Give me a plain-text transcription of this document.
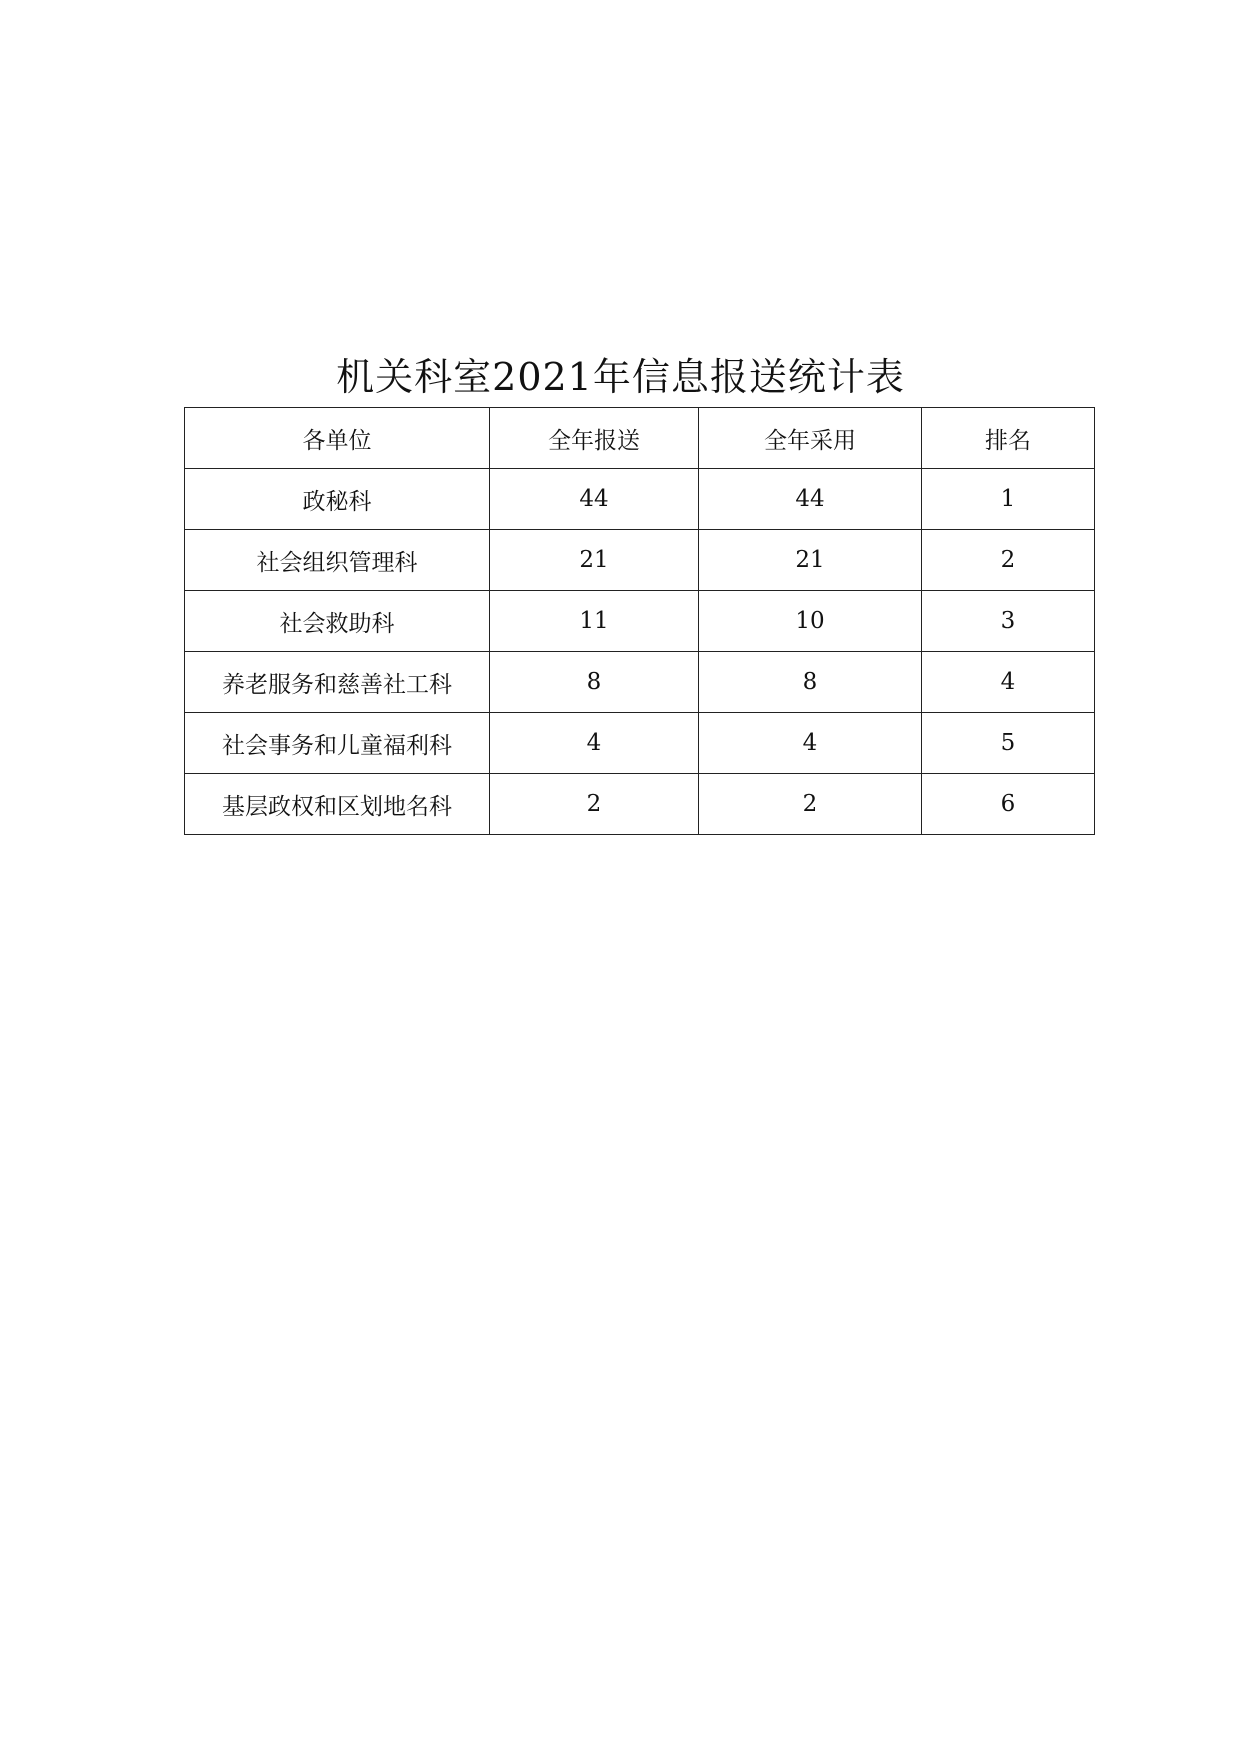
机关科室2021年信息报送统计表
各单位	全年报送	全年采用	排名
政秘科	44	44	1
社会组织管理科	21	21	2
社会救助科	11	10	3
养老服务和慈善社工科	8	8	4
社会事务和儿童福利科	4	4	5
基层政权和区划地名科	2	2	6
